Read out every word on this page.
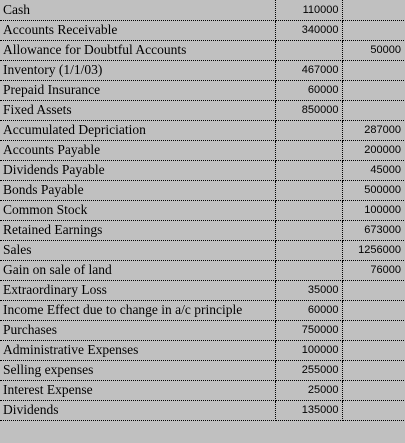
Cash	110000	
Accounts Receivable	340000	
Allowance for Doubtful Accounts		50000
Inventory (1/1/03)	467000	
Prepaid Insurance	60000	
Fixed Assets	850000	
Accumulated Depriciation		287000
Accounts Payable		200000
Dividends Payable		45000
Bonds Payable		500000
Common Stock		100000
Retained Earnings		673000
Sales		1256000
Gain on sale of land		76000
Extraordinary Loss	35000	
Income Effect due to change in a/c principle	60000	
Purchases	750000	
Administrative Expenses	100000	
Selling expenses	255000	
Interest Expense	25000	
Dividends	135000	
